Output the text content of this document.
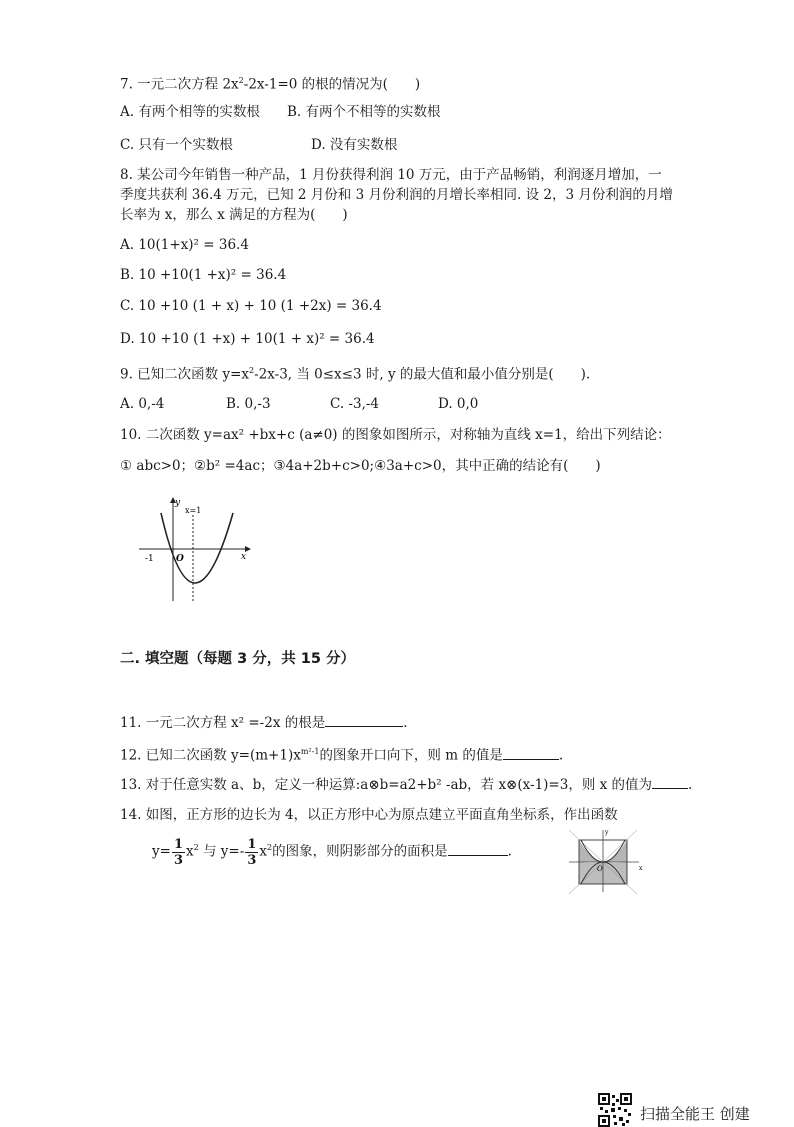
7. 一元二次方程 $2x^2-2x-1=0$ 的根的情况为(　　)
A. 有两个相等的实数根 B. 有两个不相等的实数根
C. 只有一个实数根	D. 没有实数根
8. 某公司今年销售一种产品，1 月份获得利润 10 万元，由于产品畅销，利润逐月增加，一
季度共获利 36.4 万元，已知 2 月份和 3 月份利润的月增长率相同. 设 2，3 月份利润的月增
长率为 x，那么 x 满足的方程为(　　)
A. 10(1+x)² = 36.4
B. 10 +10(1 +x)² = 36.4
C. 10 +10 (1 + x) + 10 (1 +2x) = 36.4
D. 10 +10 (1 +x) + 10(1 + x)² = 36.4
9. 已知二次函数 $y=x^2-2x-3$, 当 0≤x≤3 时, y 的最大值和最小值分别是(　　).
A. 0,-4	B. 0,-3	C. -3,-4	D. 0,0
10. 二次函数 y=ax² +bx+c (a≠0) 的图象如图所示，对称轴为直线 x=1，给出下列结论：
① abc>0；②b² =4ac；③4a+2b+c>0;④3a+c>0，其中正确的结论有(　　)
y
x
x=1
-1 O
二. 填空题（每题 3 分，共 15 分）
11. 一元二次方程 x² =-2x 的根是	.
12. 已知二次函数 $y=(m+1)x^{m^2-1}$的图象开口向下，则 m 的值是	.
13. 对于任意实数 a、b，定义一种运算:a⊗b=a2+b² -ab，若 x⊗(x-1)=3，则 x 的值为	.
14. 如图，正方形的边长为 4，以正方形中心为原点建立平面直角坐标系，作出函数
$y= \frac{1}{3} x^2$ 与 $y=- \frac{1}{3} x^2$的图象，则阴影部分的面积是	.
y
x
O
扫描全能王 创建
